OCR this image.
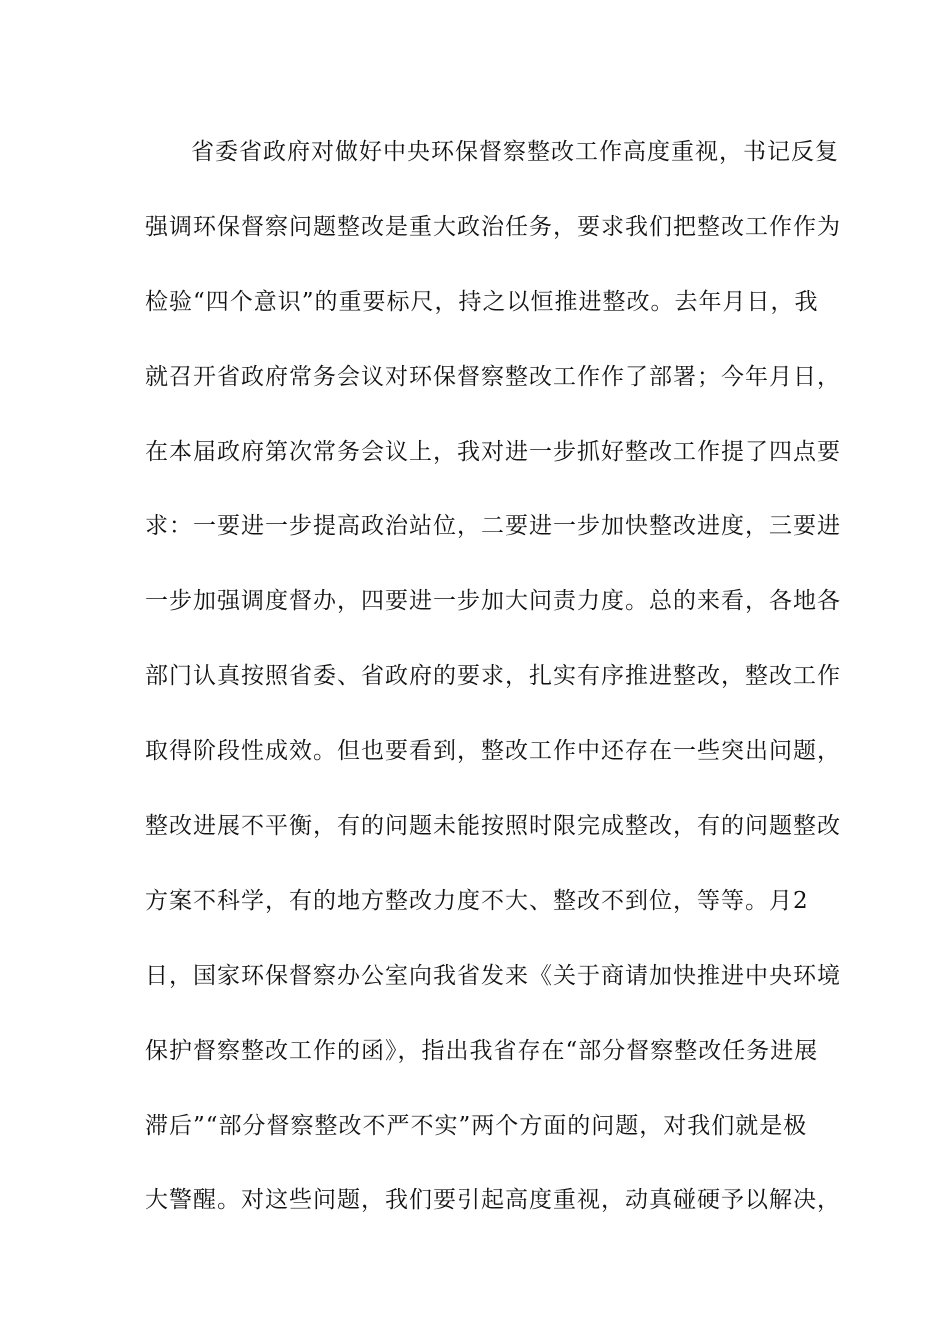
省委省政府对做好中央环保督察整改工作高度重视，书记反复
强调环保督察问题整改是重大政治任务，要求我们把整改工作作为
检验“四个意识”的重要标尺，持之以恒推进整改。去年月日，我
就召开省政府常务会议对环保督察整改工作作了部署；今年月日，
在本届政府第次常务会议上，我对进一步抓好整改工作提了四点要
求：一要进一步提高政治站位，二要进一步加快整改进度，三要进
一步加强调度督办，四要进一步加大问责力度。总的来看，各地各
部门认真按照省委、省政府的要求，扎实有序推进整改，整改工作
取得阶段性成效。但也要看到，整改工作中还存在一些突出问题，
整改进展不平衡，有的问题未能按照时限完成整改，有的问题整改
方案不科学，有的地方整改力度不大、整改不到位，等等。月2
日，国家环保督察办公室向我省发来《关于商请加快推进中央环境
保护督察整改工作的函》，指出我省存在“部分督察整改任务进展
滞后”“部分督察整改不严不实”两个方面的问题，对我们就是极
大警醒。对这些问题，我们要引起高度重视，动真碰硬予以解决，
